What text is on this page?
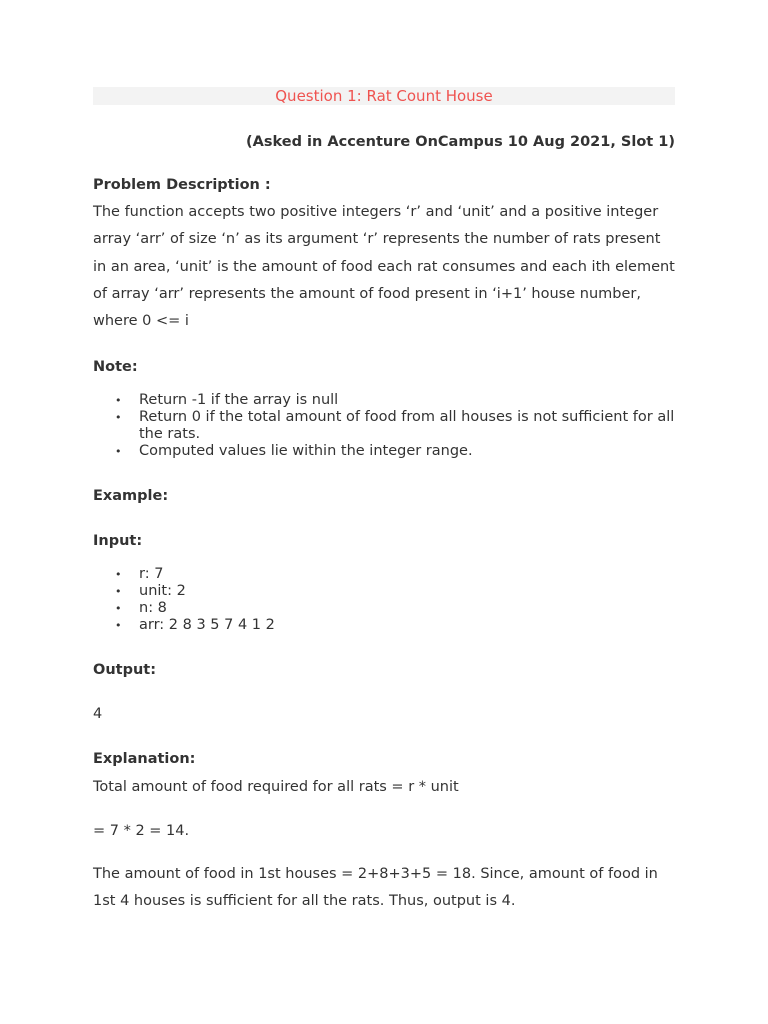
Question 1: Rat Count House
(Asked in Accenture OnCampus 10 Aug 2021, Slot 1)
Problem Description :
The function accepts two positive integers ‘r’ and ‘unit’ and a positive integer array ‘arr’ of size ‘n’ as its argument ‘r’ represents the number of rats present in an area, ‘unit’ is the amount of food each rat consumes and each ith element of array ‘arr’ represents the amount of food present in ‘i+1’ house number, where 0 <= i
Note:
• Return -1 if the array is null
• Return 0 if the total amount of food from all houses is not sufficient for all the rats.
• Computed values lie within the integer range.
Example:
Input:
• r: 7
• unit: 2
• n: 8
• arr: 2 8 3 5 7 4 1 2
Output:
4
Explanation:
Total amount of food required for all rats = r * unit
= 7 * 2 = 14.
The amount of food in 1st houses = 2+8+3+5 = 18. Since, amount of food in 1st 4 houses is sufficient for all the rats. Thus, output is 4.
